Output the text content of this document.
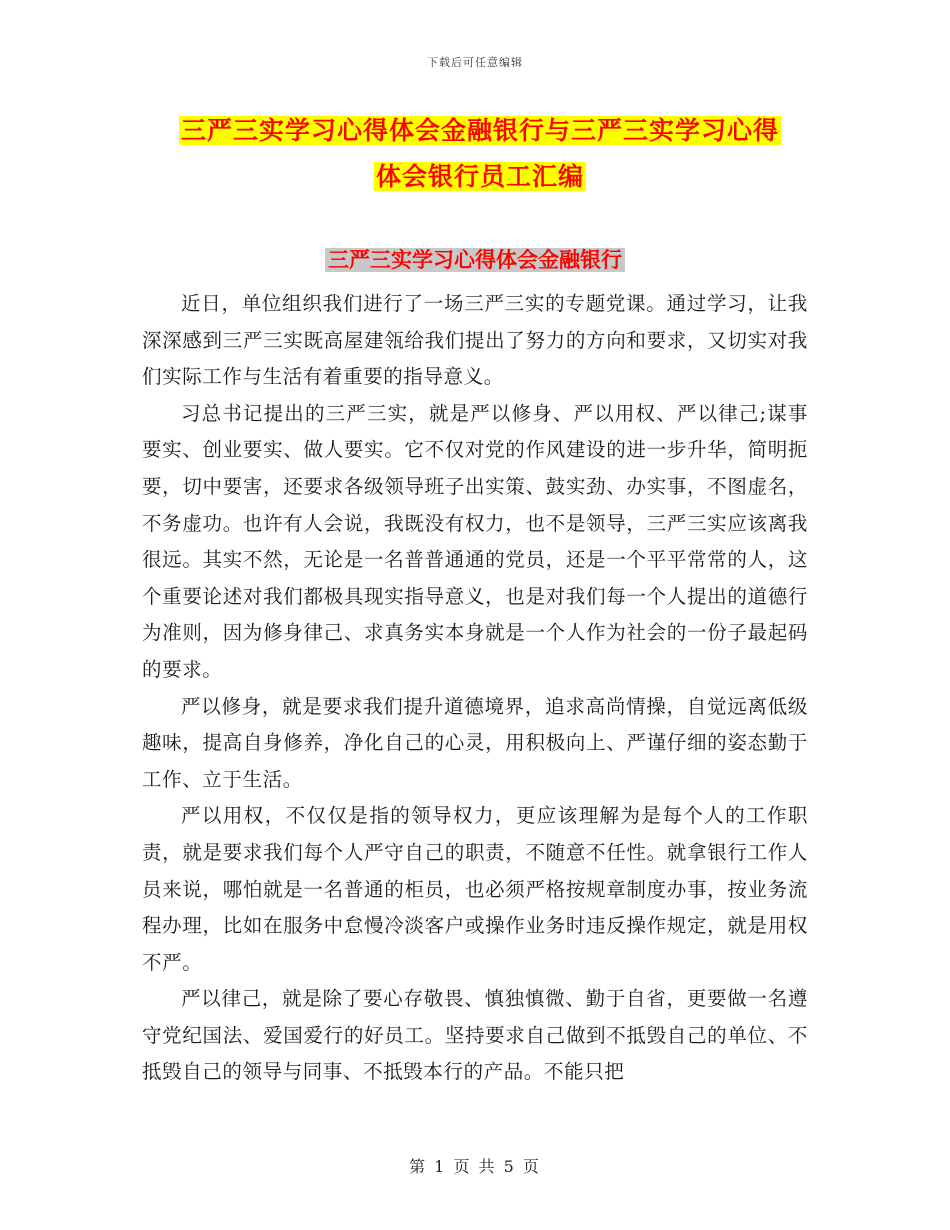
下载后可任意编辑
三严三实学习心得体会金融银行与三严三实学习心得
体会银行员工汇编
三严三实学习心得体会金融银行

近日，单位组织我们进行了一场三严三实的专题党课。通过学习，让我深深感到三严三实既高屋建瓴给我们提出了努力的方向和要求，又切实对我们实际工作与生活有着重要的指导意义。

习总书记提出的三严三实，就是严以修身、严以用权、严以律己;谋事要实、创业要实、做人要实。它不仅对党的作风建设的进一步升华，简明扼要，切中要害，还要求各级领导班子出实策、鼓实劲、办实事，不图虚名，不务虚功。也许有人会说，我既没有权力，也不是领导，三严三实应该离我很远。其实不然，无论是一名普普通通的党员，还是一个平平常常的人，这个重要论述对我们都极具现实指导意义，也是对我们每一个人提出的道德行为准则，因为修身律己、求真务实本身就是一个人作为社会的一份子最起码的要求。

严以修身，就是要求我们提升道德境界，追求高尚情操，自觉远离低级趣味，提高自身修养，净化自己的心灵，用积极向上、严谨仔细的姿态勤于工作、立于生活。

严以用权，不仅仅是指的领导权力，更应该理解为是每个人的工作职责，就是要求我们每个人严守自己的职责，不随意不任性。就拿银行工作人员来说，哪怕就是一名普通的柜员，也必须严格按规章制度办事，按业务流程办理，比如在服务中怠慢冷淡客户或操作业务时违反操作规定，就是用权不严。

严以律己，就是除了要心存敬畏、慎独慎微、勤于自省，更要做一名遵守党纪国法、爱国爱行的好员工。坚持要求自己做到不抵毁自己的单位、不抵毁自己的领导与同事、不抵毁本行的产品。不能只把

第 1 页 共 5 页
